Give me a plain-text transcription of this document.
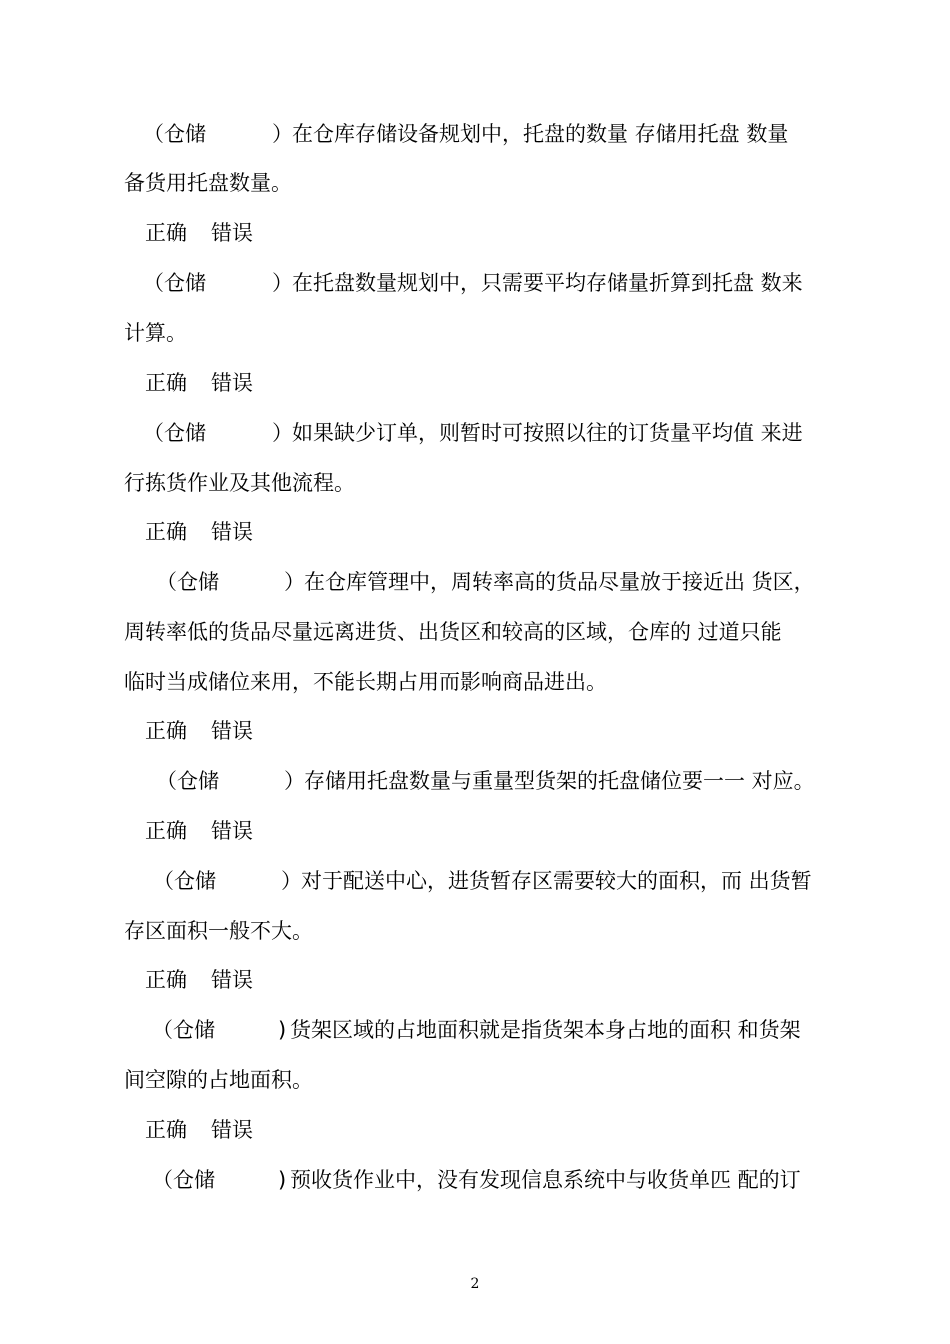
（仓储	） 在仓库存储设备规划中，托盘的数量 存储用托盘 数量
备货用托盘数量。
正确 错误
（仓储	） 在托盘数量规划中，只需要平均存储量折算到托盘 数来
计算。
正确 错误
（仓储	） 如果缺少订单，则暂时可按照以往的订货量平均值 来进
行拣货作业及其他流程。
正确 错误
（仓储	） 在仓库管理中，周转率高的货品尽量放于接近出 货区，
周转率低的货品尽量远离进货、出货区和较高的区域，仓库的 过道只能
临时当成储位来用，不能长期占用而影响商品进出。
正确 错误
（仓储	） 存储用托盘数量与重量型货架的托盘储位要一一 对应。
正确 错误
（仓储	） 对于配送中心，进货暂存区需要较大的面积，而 出货暂
存区面积一般不大。
正确 错误
（仓储	) 货架区域的占地面积就是指货架本身占地的面积 和货架
间空隙的占地面积。
正确 错误
（仓储	) 预收货作业中，没有发现信息系统中与收货单匹 配的订
2
